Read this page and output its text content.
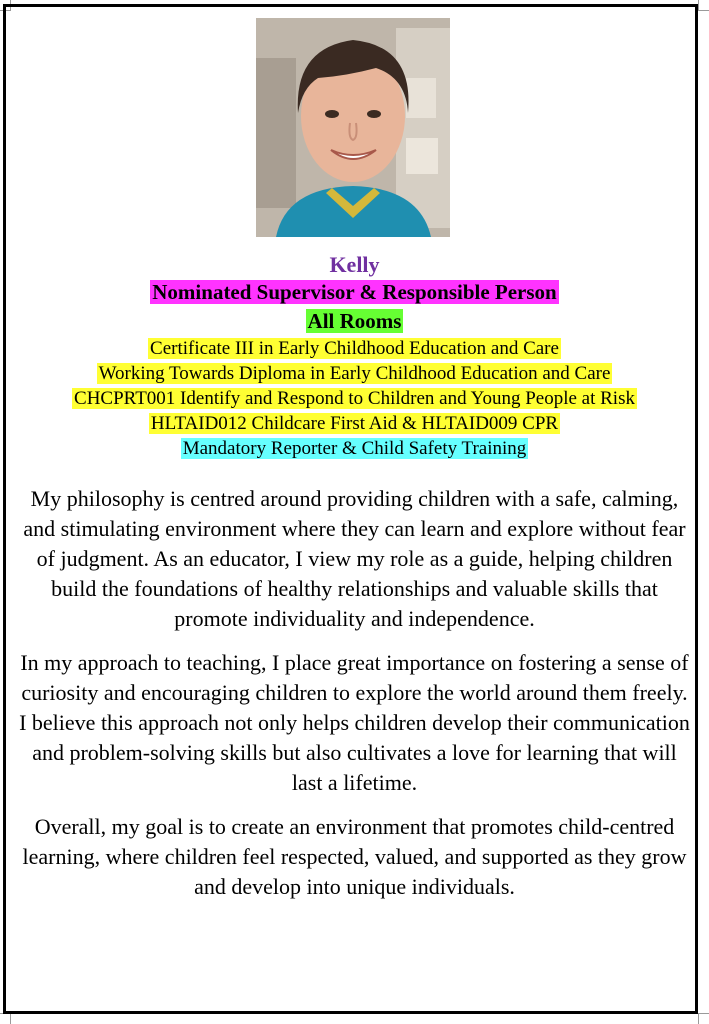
Kelly
Nominated Supervisor & Responsible Person
All Rooms
Certificate III in Early Childhood Education and Care
Working Towards Diploma in Early Childhood Education and Care
CHCPRT001 Identify and Respond to Children and Young People at Risk
HLTAID012 Childcare First Aid & HLTAID009 CPR
Mandatory Reporter & Child Safety Training

My philosophy is centred around providing children with a safe, calming, and stimulating environment where they can learn and explore without fear of judgment. As an educator, I view my role as a guide, helping children build the foundations of healthy relationships and valuable skills that promote individuality and independence.

In my approach to teaching, I place great importance on fostering a sense of curiosity and encouraging children to explore the world around them freely. I believe this approach not only helps children develop their communication and problem-solving skills but also cultivates a love for learning that will last a lifetime.

Overall, my goal is to create an environment that promotes child-centred learning, where children feel respected, valued, and supported as they grow and develop into unique individuals.
